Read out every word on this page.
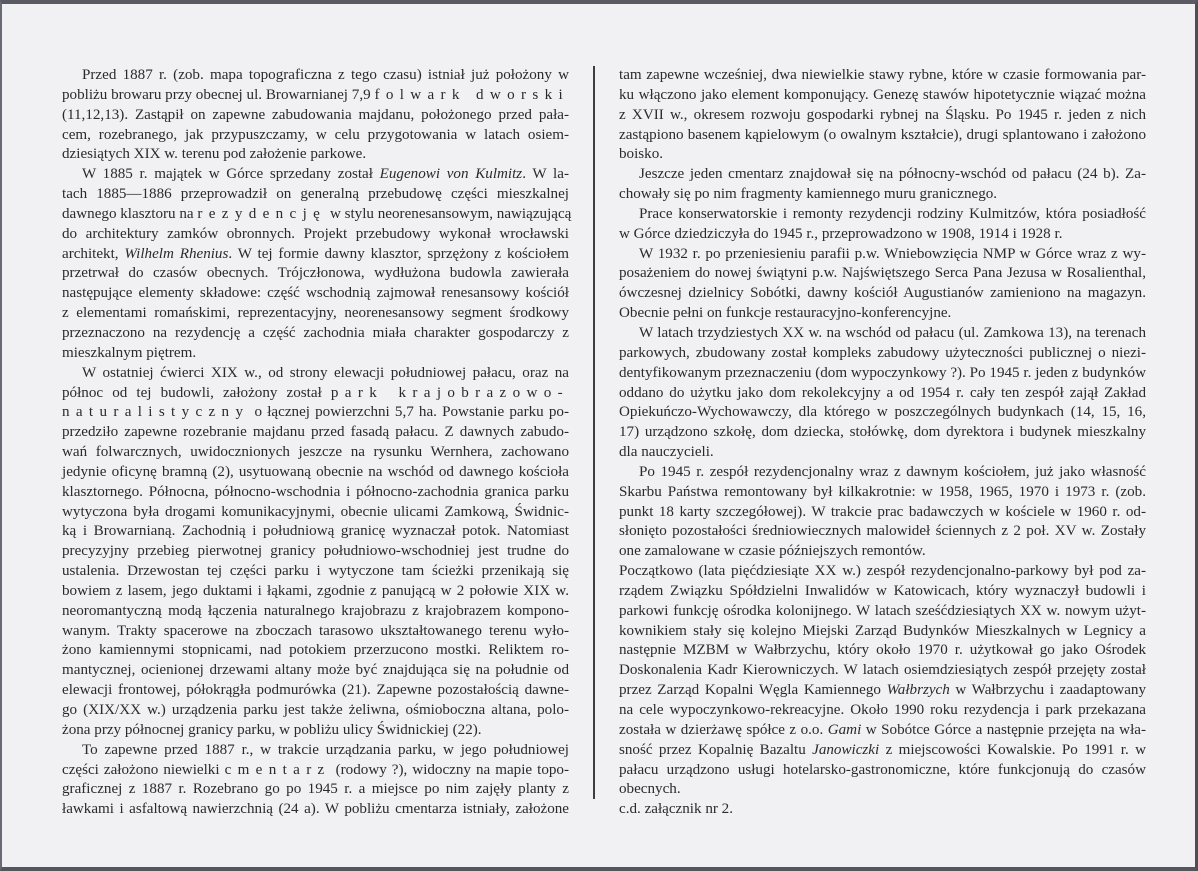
Przed 1887 r. (zob. mapa topograficzna z tego czasu) istniał już położony w
pobliżu browaru przy obecnej ul. Browarnianej 7,9 folwark dworski
(11,12,13). Zastąpił on zapewne zabudowania majdanu, położonego przed pała-
cem, rozebranego, jak przypuszczamy, w celu przygotowania w latach osiem-
dziesiątych XIX w. terenu pod założenie parkowe.
W 1885 r. majątek w Górce sprzedany został Eugenowi von Kulmitz. W la-
tach 1885—1886 przeprowadził on generalną przebudowę części mieszkalnej
dawnego klasztoru na rezydencję w stylu neorenesansowym, nawiązującą
do architektury zamków obronnych. Projekt przebudowy wykonał wrocławski
architekt, Wilhelm Rhenius. W tej formie dawny klasztor, sprzężony z kościołem
przetrwał do czasów obecnych. Trójczłonowa, wydłużona budowla zawierała
następujące elementy składowe: część wschodnią zajmował renesansowy kościół
z elementami romańskimi, reprezentacyjny, neorenesansowy segment środkowy
przeznaczono na rezydencję a część zachodnia miała charakter gospodarczy z
mieszkalnym piętrem.
W ostatniej ćwierci XIX w., od strony elewacji południowej pałacu, oraz na
północ od tej budowli, założony został park krajobrazowo-
naturalistyczny o łącznej powierzchni 5,7 ha. Powstanie parku po-
przedziło zapewne rozebranie majdanu przed fasadą pałacu. Z dawnych zabudo-
wań folwarcznych, uwidocznionych jeszcze na rysunku Wernhera, zachowano
jedynie oficynę bramną (2), usytuowaną obecnie na wschód od dawnego kościoła
klasztornego. Północna, północno-wschodnia i północno-zachodnia granica parku
wytyczona była drogami komunikacyjnymi, obecnie ulicami Zamkową, Świdnic-
ką i Browarnianą. Zachodnią i południową granicę wyznaczał potok. Natomiast
precyzyjny przebieg pierwotnej granicy południowo-wschodniej jest trudne do
ustalenia. Drzewostan tej części parku i wytyczone tam ścieżki przenikają się
bowiem z lasem, jego duktami i łąkami, zgodnie z panującą w 2 połowie XIX w.
neoromantyczną modą łączenia naturalnego krajobrazu z krajobrazem kompono-
wanym. Trakty spacerowe na zboczach tarasowo ukształtowanego terenu wyło-
żono kamiennymi stopnicami, nad potokiem przerzucono mostki. Reliktem ro-
mantycznej, ocienionej drzewami altany może być znajdująca się na południe od
elewacji frontowej, półokrągła podmurówka (21). Zapewne pozostałością dawne-
go (XIX/XX w.) urządzenia parku jest także żeliwna, ośmioboczna altana, polo-
żona przy północnej granicy parku, w pobliżu ulicy Świdnickiej (22).
To zapewne przed 1887 r., w trakcie urządzania parku, w jego południowej
części założono niewielki cmentarz (rodowy ?), widoczny na mapie topo-
graficznej z 1887 r. Rozebrano go po 1945 r. a miejsce po nim zajęły planty z
ławkami i asfaltową nawierzchnią (24 a). W pobliżu cmentarza istniały, założone
tam zapewne wcześniej, dwa niewielkie stawy rybne, które w czasie formowania par-
ku włączono jako element komponujący. Genezę stawów hipotetycznie wiązać można
z XVII w., okresem rozwoju gospodarki rybnej na Śląsku. Po 1945 r. jeden z nich
zastąpiono basenem kąpielowym (o owalnym kształcie), drugi splantowano i założono
boisko.
Jeszcze jeden cmentarz znajdował się na północny-wschód od pałacu (24 b). Za-
chowały się po nim fragmenty kamiennego muru granicznego.
Prace konserwatorskie i remonty rezydencji rodziny Kulmitzów, która posiadłość
w Górce dziedziczyła do 1945 r., przeprowadzono w 1908, 1914 i 1928 r.
W 1932 r. po przeniesieniu parafii p.w. Wniebowzięcia NMP w Górce wraz z wy-
posażeniem do nowej świątyni p.w. Najświętszego Serca Pana Jezusa w Rosalienthal,
ówczesnej dzielnicy Sobótki, dawny kościół Augustianów zamieniono na magazyn.
Obecnie pełni on funkcje restauracyjno-konferencyjne.
W latach trzydziestych XX w. na wschód od pałacu (ul. Zamkowa 13), na terenach
parkowych, zbudowany został kompleks zabudowy użyteczności publicznej o niezi-
dentyfikowanym przeznaczeniu (dom wypoczynkowy ?). Po 1945 r. jeden z budynków
oddano do użytku jako dom rekolekcyjny a od 1954 r. cały ten zespół zajął Zakład
Opiekuńczo-Wychowawczy, dla którego w poszczególnych budynkach (14, 15, 16,
17) urządzono szkołę, dom dziecka, stołówkę, dom dyrektora i budynek mieszkalny
dla nauczycieli.
Po 1945 r. zespół rezydencjonalny wraz z dawnym kościołem, już jako własność
Skarbu Państwa remontowany był kilkakrotnie: w 1958, 1965, 1970 i 1973 r. (zob.
punkt 18 karty szczegółowej). W trakcie prac badawczych w kościele w 1960 r. od-
słonięto pozostałości średniowiecznych malowideł ściennych z 2 poł. XV w. Zostały
one zamalowane w czasie późniejszych remontów.
Początkowo (lata pięćdziesiąte XX w.) zespół rezydencjonalno-parkowy był pod za-
rządem Związku Spółdzielni Inwalidów w Katowicach, który wyznaczył budowli i
parkowi funkcję ośrodka kolonijnego. W latach sześćdziesiątych XX w. nowym użyt-
kownikiem stały się kolejno Miejski Zarząd Budynków Mieszkalnych w Legnicy a
następnie MZBM w Wałbrzychu, który około 1970 r. użytkował go jako Ośrodek
Doskonalenia Kadr Kierowniczych. W latach osiemdziesiątych zespół przejęty został
przez Zarząd Kopalni Węgla Kamiennego Wałbrzych w Wałbrzychu i zaadaptowany
na cele wypoczynkowo-rekreacyjne. Około 1990 roku rezydencja i park przekazana
została w dzierżawę spółce z o.o. Gami w Sobótce Górce a następnie przejęta na wła-
sność przez Kopalnię Bazaltu Janowiczki z miejscowości Kowalskie. Po 1991 r. w
pałacu urządzono usługi hotelarsko-gastronomiczne, które funkcjonują do czasów
obecnych.
c.d. załącznik nr 2.
